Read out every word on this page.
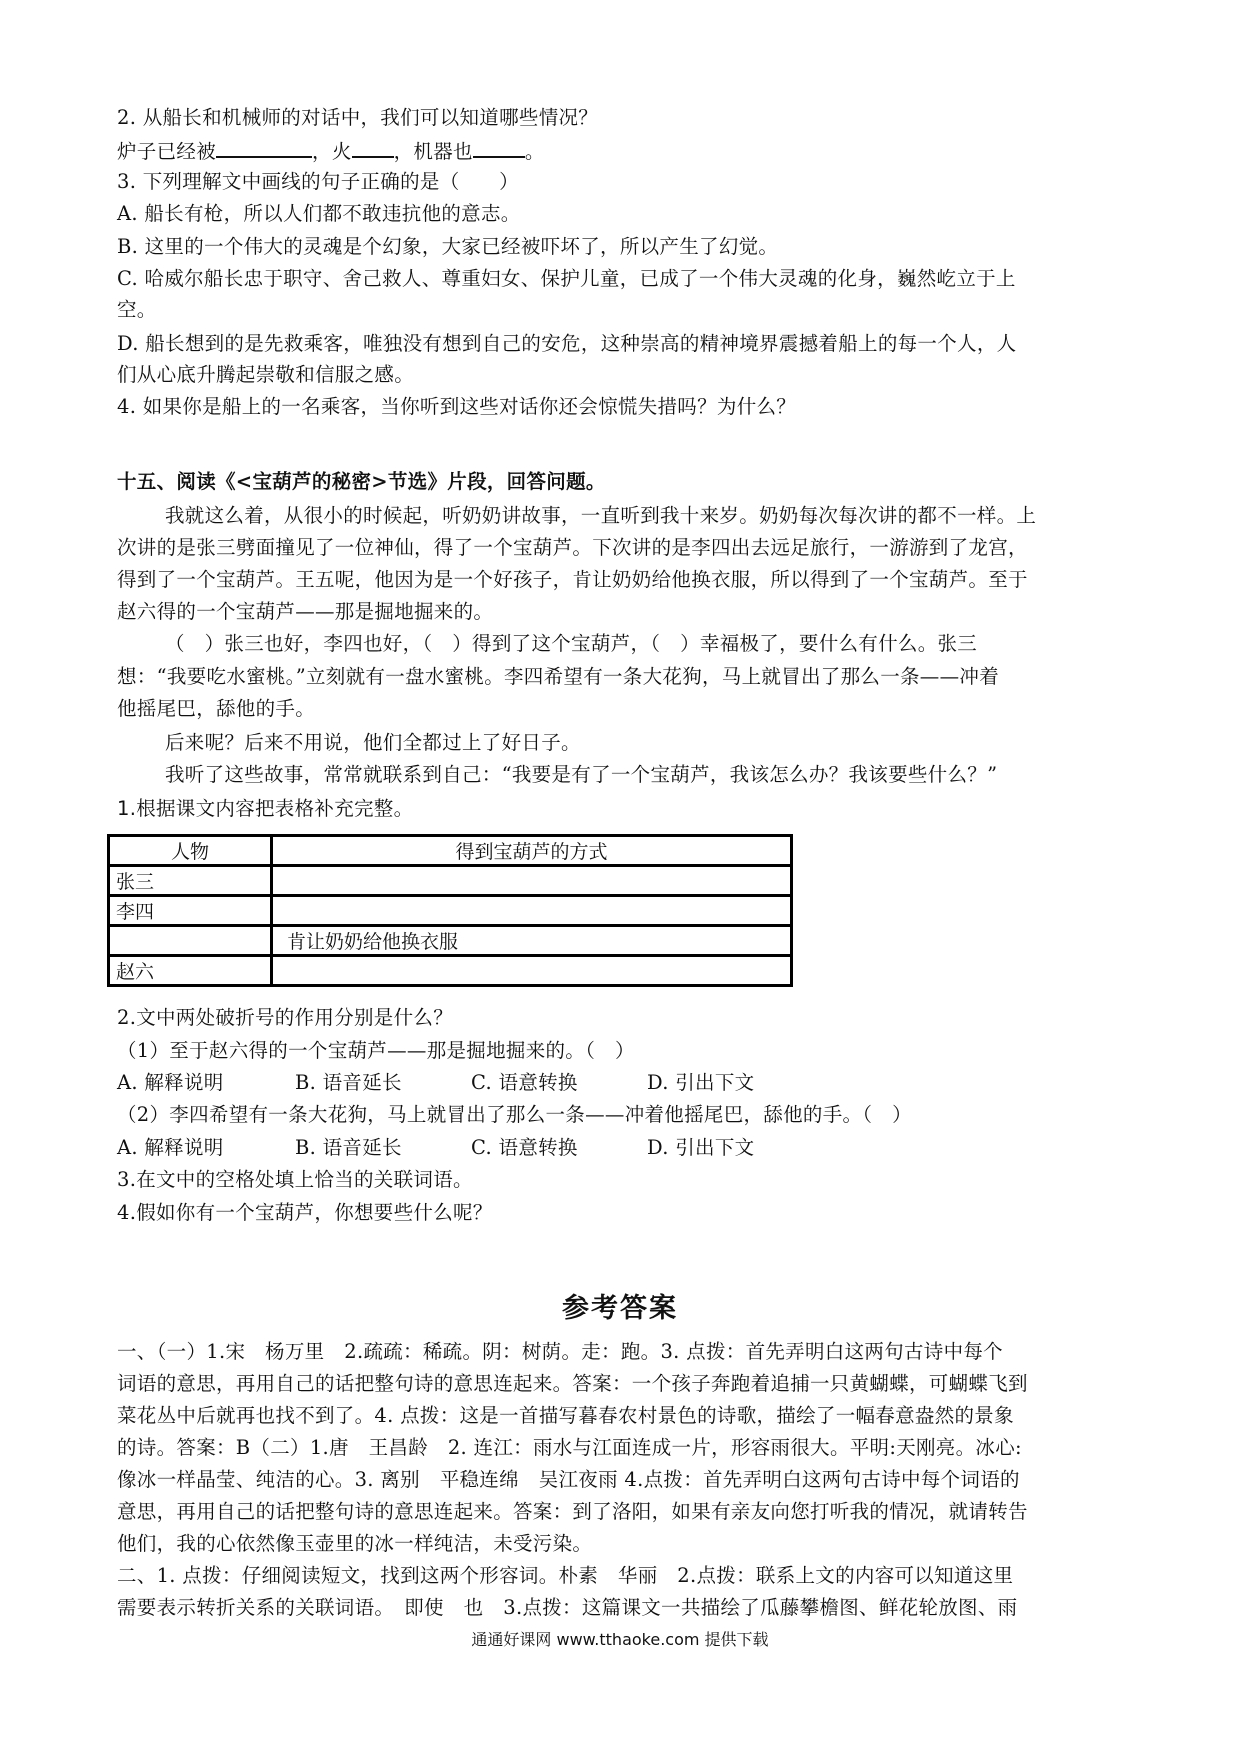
2. 从船长和机械师的对话中，我们可以知道哪些情况？
炉子已经被	，火 ，机器也	。
3. 下列理解文中画线的句子正确的是（　　）
A. 船长有枪，所以人们都不敢违抗他的意志。
B. 这里的一个伟大的灵魂是个幻象，大家已经被吓坏了，所以产生了幻觉。
C. 哈威尔船长忠于职守、舍己救人、尊重妇女、保护儿童，已成了一个伟大灵魂的化身，巍然屹立于上
空。
D. 船长想到的是先救乘客，唯独没有想到自己的安危，这种崇高的精神境界震撼着船上的每一个人，人
们从心底升腾起崇敬和信服之感。
4. 如果你是船上的一名乘客，当你听到这些对话你还会惊慌失措吗？为什么？
十五、阅读《<宝葫芦的秘密>节选》片段，回答问题。
我就这么着，从很小的时候起，听奶奶讲故事，一直听到我十来岁。奶奶每次每次讲的都不一样。上
次讲的是张三劈面撞见了一位神仙，得了一个宝葫芦。下次讲的是李四出去远足旅行，一游游到了龙宫，
得到了一个宝葫芦。王五呢，他因为是一个好孩子，肯让奶奶给他换衣服，所以得到了一个宝葫芦。至于
赵六得的一个宝葫芦——那是掘地掘来的。
（　）张三也好，李四也好，（　）得到了这个宝葫芦，（　）幸福极了，要什么有什么。张三
想：“我要吃水蜜桃。”立刻就有一盘水蜜桃。李四希望有一条大花狗，马上就冒出了那么一条——冲着
他摇尾巴，舔他的手。
后来呢？后来不用说，他们全都过上了好日子。
我听了这些故事，常常就联系到自己：“我要是有了一个宝葫芦，我该怎么办？我该要些什么？”
1.根据课文内容把表格补充完整。
人物	得到宝葫芦的方式
张三	
李四	
	肯让奶奶给他换衣服
赵六	
2.文中两处破折号的作用分别是什么？
（1）至于赵六得的一个宝葫芦——那是掘地掘来的。（　）
A. 解释说明	B. 语音延长	C. 语意转换	D. 引出下文
（2）李四希望有一条大花狗，马上就冒出了那么一条——冲着他摇尾巴，舔他的手。（　）
A. 解释说明	B. 语音延长	C. 语意转换	D. 引出下文
3.在文中的空格处填上恰当的关联词语。
4.假如你有一个宝葫芦，你想要些什么呢？
参考答案
一、（一）1.宋　杨万里　2.疏疏：稀疏。阴：树荫。走：跑。3. 点拨：首先弄明白这两句古诗中每个
词语的意思，再用自己的话把整句诗的意思连起来。答案：一个孩子奔跑着追捕一只黄蝴蝶，可蝴蝶飞到
菜花丛中后就再也找不到了。4. 点拨：这是一首描写暮春农村景色的诗歌，描绘了一幅春意盎然的景象
的诗。答案：B（二）1.唐　王昌龄　2. 连江：雨水与江面连成一片，形容雨很大。平明:天刚亮。冰心:
像冰一样晶莹、纯洁的心。3. 离别　平稳连绵　吴江夜雨 4.点拨：首先弄明白这两句古诗中每个词语的
意思，再用自己的话把整句诗的意思连起来。答案：到了洛阳，如果有亲友向您打听我的情况，就请转告
他们，我的心依然像玉壶里的冰一样纯洁，未受污染。
二、1. 点拨：仔细阅读短文，找到这两个形容词。朴素　华丽　2.点拨：联系上文的内容可以知道这里
需要表示转折关系的关联词语。　即使　也　3.点拨：这篇课文一共描绘了瓜藤攀檐图、鲜花轮放图、雨
通通好课网 www.tthaoke.com 提供下载
